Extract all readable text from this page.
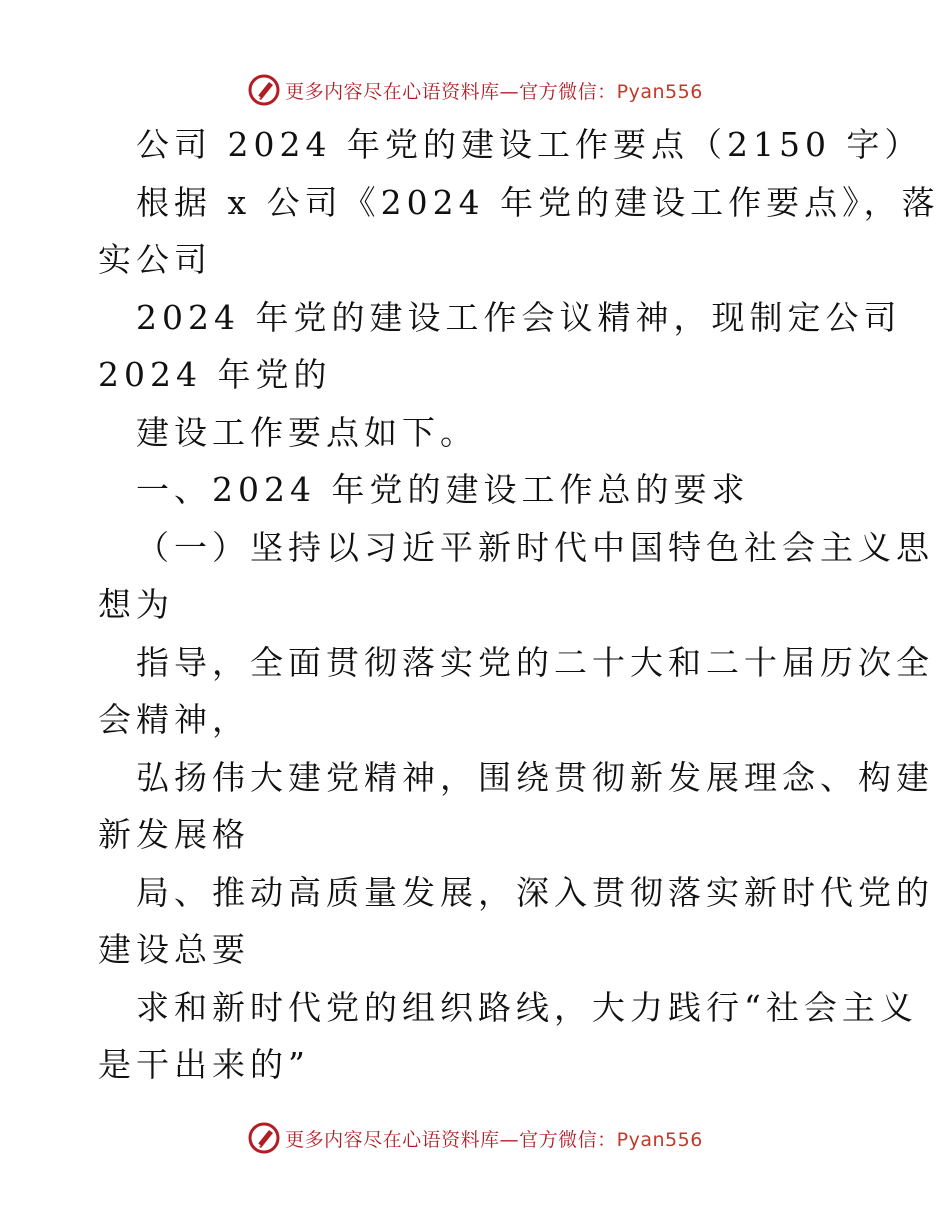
更多内容尽在心语资料库—官方微信：Pyan556
公司 2024 年党的建设工作要点（2150 字）
根据 x 公司《2024 年党的建设工作要点》，落
实公司
2024 年党的建设工作会议精神，现制定公司
2024 年党的
建设工作要点如下。
一、2024 年党的建设工作总的要求
（一）坚持以习近平新时代中国特色社会主义思
想为
指导，全面贯彻落实党的二十大和二十届历次全
会精神，
弘扬伟大建党精神，围绕贯彻新发展理念、构建
新发展格
局、推动高质量发展，深入贯彻落实新时代党的
建设总要
求和新时代党的组织路线，大力践行“社会主义
是干出来的”
更多内容尽在心语资料库—官方微信：Pyan556
